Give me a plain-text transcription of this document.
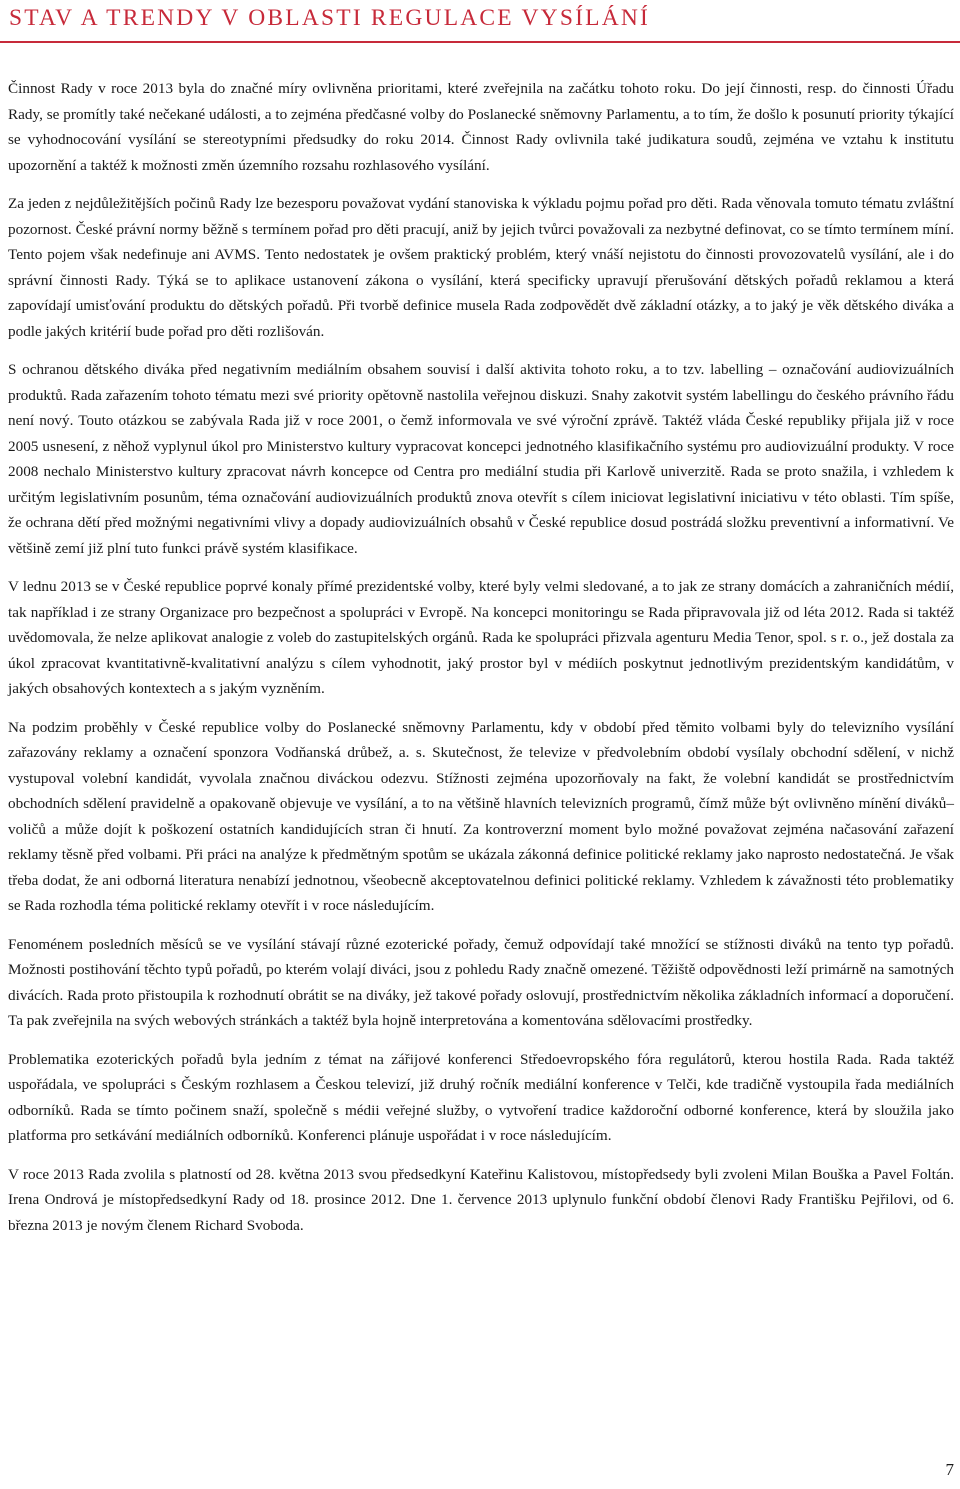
STAV A TRENDY V OBLASTI REGULACE VYSÍLÁNÍ

Činnost Rady v roce 2013 byla do značné míry ovlivněna prioritami, které zveřejnila na začátku tohoto roku. Do její činnosti, resp. do činnosti Úřadu Rady, se promítly také nečekané události, a to zejména předčasné volby do Poslanecké sněmovny Parlamentu, a to tím, že došlo k posunutí priority týkající se vyhodnocování vysílání se stereotypními předsudky do roku 2014. Činnost Rady ovlivnila také judikatura soudů, zejména ve vztahu k institutu upozornění a taktéž k možnosti změn územního rozsahu rozhlasového vysílání.

Za jeden z nejdůležitějších počinů Rady lze bezesporu považovat vydání stanoviska k výkladu pojmu pořad pro děti. Rada věnovala tomuto tématu zvláštní pozornost. České právní normy běžně s termínem pořad pro děti pracují, aniž by jejich tvůrci považovali za nezbytné definovat, co se tímto termínem míní. Tento pojem však nedefinuje ani AVMS. Tento nedostatek je ovšem praktický problém, který vnáší nejistotu do činnosti provozovatelů vysílání, ale i do správní činnosti Rady. Týká se to aplikace ustanovení zákona o vysílání, která specificky upravují přerušování dětských pořadů reklamou a která zapovídají umisťování produktu do dětských pořadů. Při tvorbě definice musela Rada zodpovědět dvě základní otázky, a to jaký je věk dětského diváka a podle jakých kritérií bude pořad pro děti rozlišován.

S ochranou dětského diváka před negativním mediálním obsahem souvisí i další aktivita tohoto roku, a to tzv. labelling – označování audiovizuálních produktů. Rada zařazením tohoto tématu mezi své priority opětovně nastolila veřejnou diskuzi. Snahy zakotvit systém labellingu do českého právního řádu není nový. Touto otázkou se zabývala Rada již v roce 2001, o čemž informovala ve své výroční zprávě. Taktéž vláda České republiky přijala již v roce 2005 usnesení, z něhož vyplynul úkol pro Ministerstvo kultury vypracovat koncepci jednotného klasifikačního systému pro audiovizuální produkty. V roce 2008 nechalo Ministerstvo kultury zpracovat návrh koncepce od Centra pro mediální studia při Karlově univerzitě. Rada se proto snažila, i vzhledem k určitým legislativním posunům, téma označování audiovizuálních produktů znova otevřít s cílem iniciovat legislativní iniciativu v této oblasti. Tím spíše, že ochrana dětí před možnými negativními vlivy a dopady audiovizuálních obsahů v České republice dosud postrádá složku preventivní a informativní. Ve většině zemí již plní tuto funkci právě systém klasifikace.

V lednu 2013 se v České republice poprvé konaly přímé prezidentské volby, které byly velmi sledované, a to jak ze strany domácích a zahraničních médií, tak například i ze strany Organizace pro bezpečnost a spolupráci v Evropě. Na koncepci monitoringu se Rada připravovala již od léta 2012. Rada si taktéž uvědomovala, že nelze aplikovat analogie z voleb do zastupitelských orgánů. Rada ke spolupráci přizvala agenturu Media Tenor, spol. s r. o., jež dostala za úkol zpracovat kvantitativně-kvalitativní analýzu s cílem vyhodnotit, jaký prostor byl v médiích poskytnut jednotlivým prezidentským kandidátům, v jakých obsahových kontextech a s jakým vyzněním.

Na podzim proběhly v České republice volby do Poslanecké sněmovny Parlamentu, kdy v období před těmito volbami byly do televizního vysílání zařazovány reklamy a označení sponzora Vodňanská drůbež, a. s. Skutečnost, že televize v předvolebním období vysílaly obchodní sdělení, v nichž vystupoval volební kandidát, vyvolala značnou diváckou odezvu. Stížnosti zejména upozorňovaly na fakt, že volební kandidát se prostřednictvím obchodních sdělení pravidelně a opakovaně objevuje ve vysílání, a to na většině hlavních televizních programů, čímž může být ovlivněno mínění diváků–voličů a může dojít k poškození ostatních kandidujících stran či hnutí. Za kontroverzní moment bylo možné považovat zejména načasování zařazení reklamy těsně před volbami. Při práci na analýze k předmětným spotům se ukázala zákonná definice politické reklamy jako naprosto nedostatečná. Je však třeba dodat, že ani odborná literatura nenabízí jednotnou, všeobecně akceptovatelnou definici politické reklamy. Vzhledem k závažnosti této problematiky se Rada rozhodla téma politické reklamy otevřít i v roce následujícím.

Fenoménem posledních měsíců se ve vysílání stávají různé ezoterické pořady, čemuž odpovídají také množící se stížnosti diváků na tento typ pořadů. Možnosti postihování těchto typů pořadů, po kterém volají diváci, jsou z pohledu Rady značně omezené. Těžiště odpovědnosti leží primárně na samotných divácích. Rada proto přistoupila k rozhodnutí obrátit se na diváky, jež takové pořady oslovují, prostřednictvím několika základních informací a doporučení. Ta pak zveřejnila na svých webových stránkách a taktéž byla hojně interpretována a komentována sdělovacími prostředky.

Problematika ezoterických pořadů byla jedním z témat na zářijové konferenci Středoevropského fóra regulátorů, kterou hostila Rada. Rada taktéž uspořádala, ve spolupráci s Českým rozhlasem a Českou televizí, již druhý ročník mediální konference v Telči, kde tradičně vystoupila řada mediálních odborníků. Rada se tímto počinem snaží, společně s médii veřejné služby, o vytvoření tradice každoroční odborné konference, která by sloužila jako platforma pro setkávání mediálních odborníků. Konferenci plánuje uspořádat i v roce následujícím.

V roce 2013 Rada zvolila s platností od 28. května 2013 svou předsedkyní Kateřinu Kalistovou, místopředsedy byli zvoleni Milan Bouška a Pavel Foltán. Irena Ondrová je místopředsedkyní Rady od 18. prosince 2012. Dne 1. července 2013 uplynulo funkční období členovi Rady Františku Pejřilovi, od 6. března 2013 je novým členem Richard Svoboda.

7
